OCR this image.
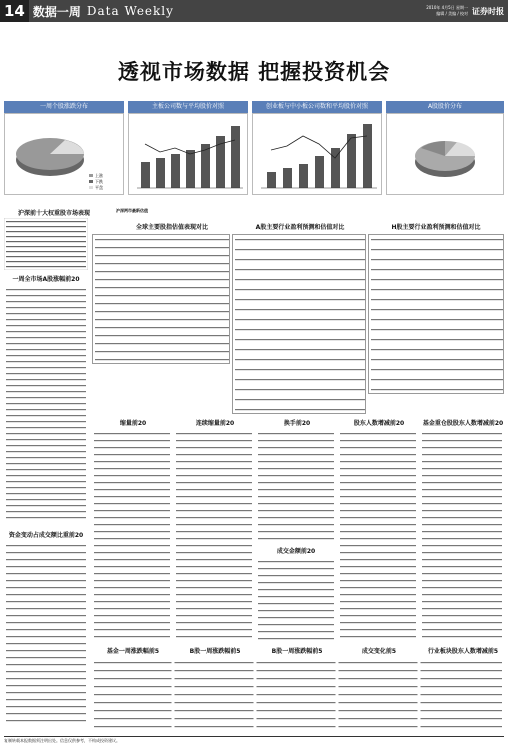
14 数据一周 Data Weekly	2010年 4月5日 星期一
编辑 / 美编 / 校对 证券时报
透视市场数据 把握投资机会
一周个股涨跌分布	主板公司数与平均股价对照	创业板与中小板公司数和平均股价对照	A股股价分布
上涨
下跌
平盘
沪深前十大权重股市场表现	沪深两市最新估值
全球主要股指估值表现对比	A股主要行业盈利预测和估值对比	H股主要行业盈利预测和估值对比
一周全市场A股涨幅前20
资金变动占成交额比重前20
缩量前20	连续缩量前20	换手前20	股东人数增减前20	基金重仓股股东人数增减前20
成交金额前20
基金一周涨跌幅前5	B股一周涨跌幅前5	B股一周涨跌幅前5	成交变化前5	行业板块股东人数增减前5
复制转载本报数据须注明出处。信息仅供参考，不构成投资建议。
